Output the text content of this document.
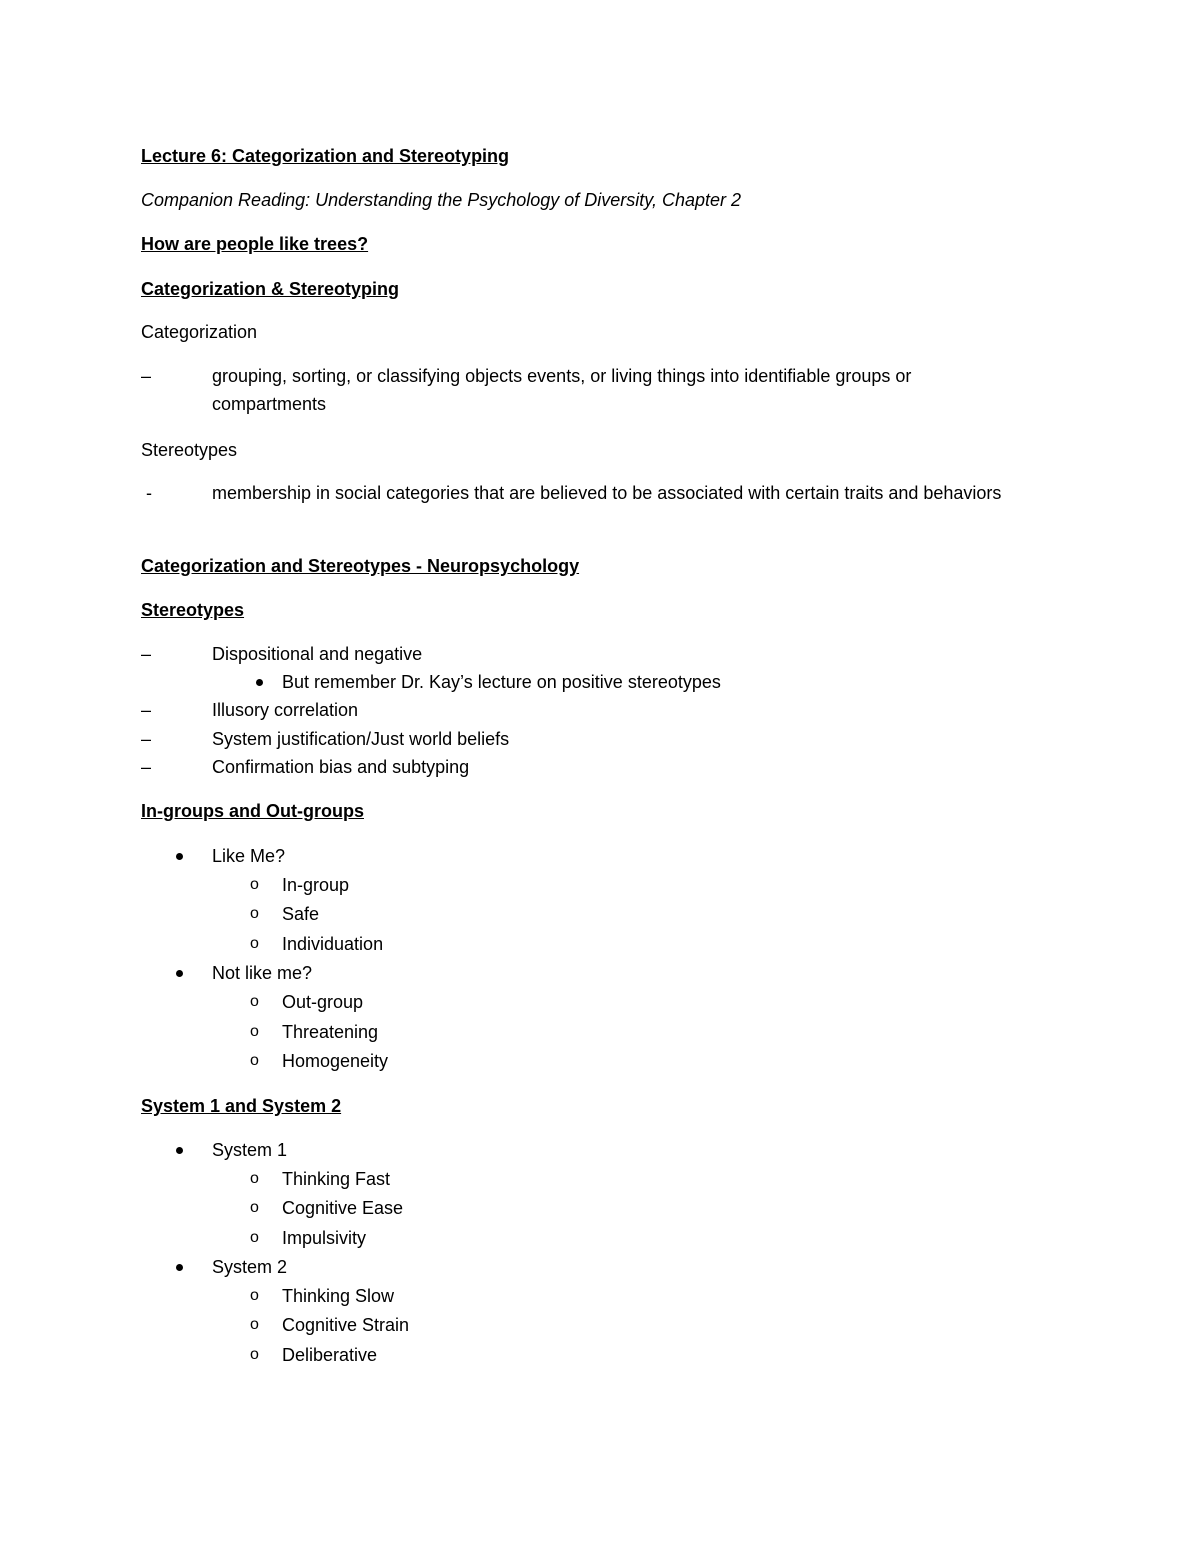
Lecture 6: Categorization and Stereotyping
Companion Reading: Understanding the Psychology of Diversity, Chapter 2
How are people like trees?
Categorization & Stereotyping
Categorization
–	grouping, sorting, or classifying objects events, or living things into identifiable groups or compartments
Stereotypes
-	membership in social categories that are believed to be associated with certain traits and behaviors
Categorization and Stereotypes - Neuropsychology
Stereotypes
–	Dispositional and negative
But remember Dr. Kay’s lecture on positive stereotypes
–	Illusory correlation
–	System justification/Just world beliefs
–	Confirmation bias and subtyping
In-groups and Out-groups
Like Me?
o In-group
o Safe
o Individuation
Not like me?
o Out-group
o Threatening
o Homogeneity
System 1 and System 2
System 1
o Thinking Fast
o Cognitive Ease
o Impulsivity
System 2
o Thinking Slow
o Cognitive Strain
o Deliberative
